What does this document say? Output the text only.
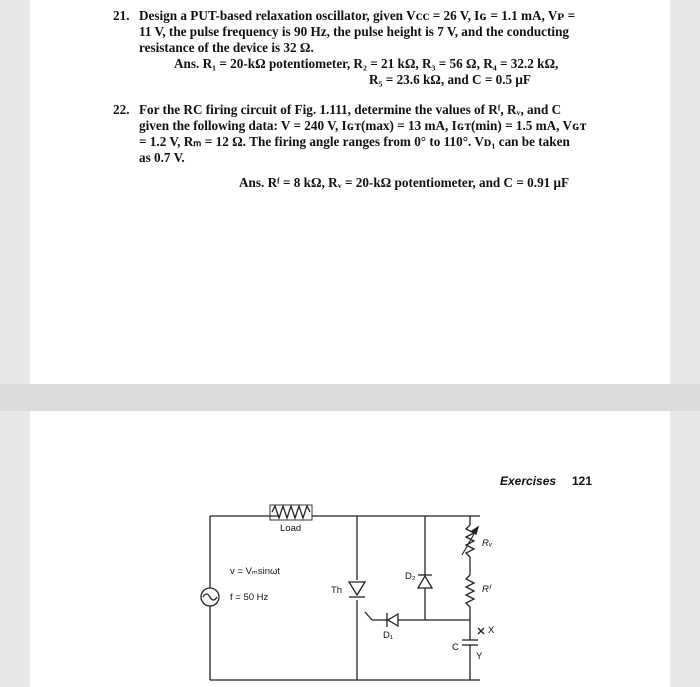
21. Design a PUT-based relaxation oscillator, given Vᴄᴄ = 26 V, Iɢ = 1.1 mA, Vᴘ =
11 V, the pulse frequency is 90 Hz, the pulse height is 7 V, and the conducting
resistance of the device is 32 Ω.
Ans. R₁ = 20-kΩ potentiometer, R₂ = 21 kΩ, R₃ = 56 Ω, R₄ = 32.2 kΩ,
R₅ = 23.6 kΩ, and C = 0.5 μF
22. For the RC firing circuit of Fig. 1.111, determine the values of Rᶠ, Rᵥ, and C
given the following data: V = 240 V, Iɢᴛ(max) = 13 mA, Iɢᴛ(min) = 1.5 mA, Vɢᴛ
= 1.2 V, Rₘ = 12 Ω. The firing angle ranges from 0° to 110°. Vᴅ₁ can be taken
as 0.7 V.
Ans. Rᶠ = 8 kΩ, Rᵥ = 20-kΩ potentiometer, and C = 0.91 μF
Exercises 121
Load
v = Vₘsinωt
f = 50 Hz
Th
D₁
D₂
Rᵥ
Rᶠ
C
X
Y
